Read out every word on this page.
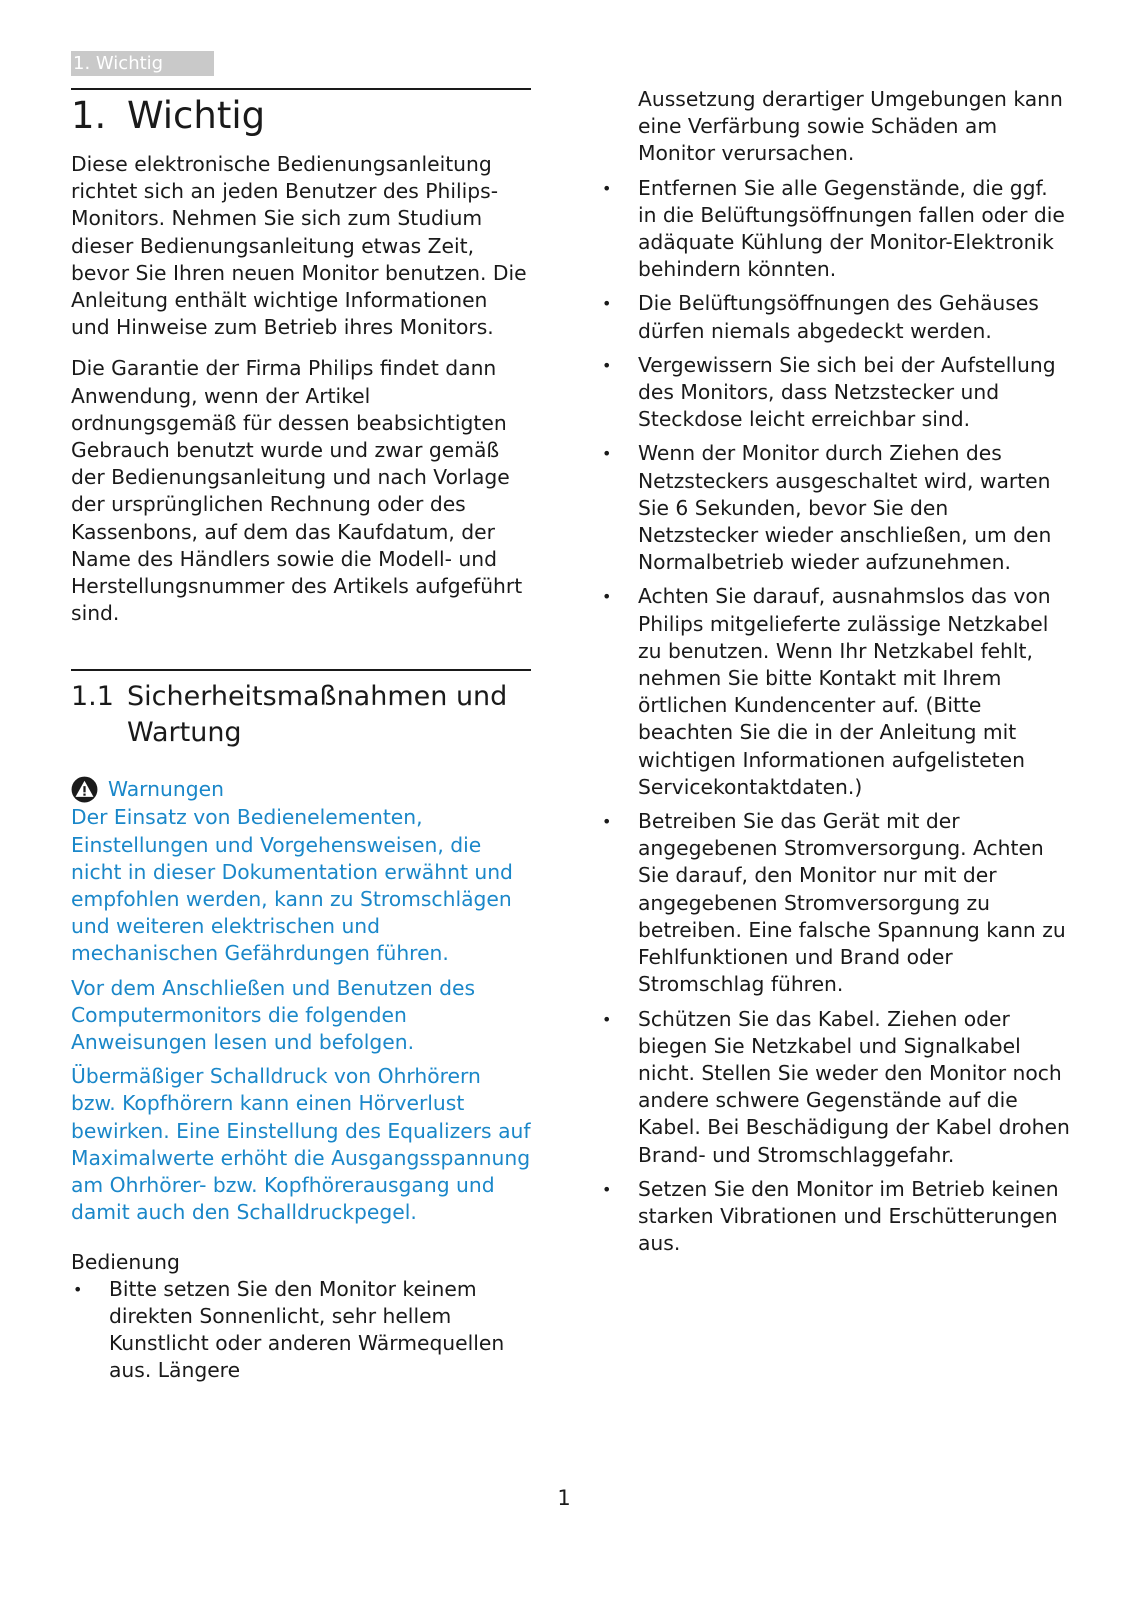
1. Wichtig
1. Wichtig

Diese elektronische Bedienungsanleitung richtet sich an jeden Benutzer des Philips-Monitors. Nehmen Sie sich zum Studium dieser Bedienungsanleitung etwas Zeit, bevor Sie Ihren neuen Monitor benutzen. Die Anleitung enthält wichtige Informationen und Hinweise zum Betrieb ihres Monitors.

Die Garantie der Firma Philips findet dann Anwendung, wenn der Artikel ordnungsgemäß für dessen beabsichtigten Gebrauch benutzt wurde und zwar gemäß der Bedienungsanleitung und nach Vorlage der ursprünglichen Rechnung oder des Kassenbons, auf dem das Kaufdatum, der Name des Händlers sowie die Modell- und Herstellungsnummer des Artikels aufgeführt sind.

1.1 Sicherheitsmaßnahmen und Wartung
Warnungen

Der Einsatz von Bedienelementen, Einstellungen und Vorgehensweisen, die nicht in dieser Dokumentation erwähnt und empfohlen werden, kann zu Stromschlägen und weiteren elektrischen und mechanischen Gefährdungen führen.

Vor dem Anschließen und Benutzen des Computermonitors die folgenden Anweisungen lesen und befolgen.

Übermäßiger Schalldruck von Ohrhörern bzw. Kopfhörern kann einen Hörverlust bewirken. Eine Einstellung des Equalizers auf Maximalwerte erhöht die Ausgangsspannung am Ohrhörer- bzw. Kopfhörerausgang und damit auch den Schalldruckpegel.

Bedienung
• Bitte setzen Sie den Monitor keinem direkten Sonnenlicht, sehr hellem Kunstlicht oder anderen Wärmequellen aus. Längere

Aussetzung derartiger Umgebungen kann eine Verfärbung sowie Schäden am Monitor verursachen.

• Entfernen Sie alle Gegenstände, die ggf. in die Belüftungsöffnungen fallen oder die adäquate Kühlung der Monitor-Elektronik behindern könnten.
• Die Belüftungsöffnungen des Gehäuses dürfen niemals abgedeckt werden.
• Vergewissern Sie sich bei der Aufstellung des Monitors, dass Netzstecker und Steckdose leicht erreichbar sind.
• Wenn der Monitor durch Ziehen des Netzsteckers ausgeschaltet wird, warten Sie 6 Sekunden, bevor Sie den Netzstecker wieder anschließen, um den Normalbetrieb wieder aufzunehmen.
• Achten Sie darauf, ausnahmslos das von Philips mitgelieferte zulässige Netzkabel zu benutzen. Wenn Ihr Netzkabel fehlt, nehmen Sie bitte Kontakt mit Ihrem örtlichen Kundencenter auf. (Bitte beachten Sie die in der Anleitung mit wichtigen Informationen aufgelisteten Servicekontaktdaten.)
• Betreiben Sie das Gerät mit der angegebenen Stromversorgung. Achten Sie darauf, den Monitor nur mit der angegebenen Stromversorgung zu betreiben. Eine falsche Spannung kann zu Fehlfunktionen und Brand oder Stromschlag führen.
• Schützen Sie das Kabel. Ziehen oder biegen Sie Netzkabel und Signalkabel nicht. Stellen Sie weder den Monitor noch andere schwere Gegenstände auf die Kabel. Bei Beschädigung der Kabel drohen Brand- und Stromschlaggefahr.
• Setzen Sie den Monitor im Betrieb keinen starken Vibrationen und Erschütterungen aus.
1
